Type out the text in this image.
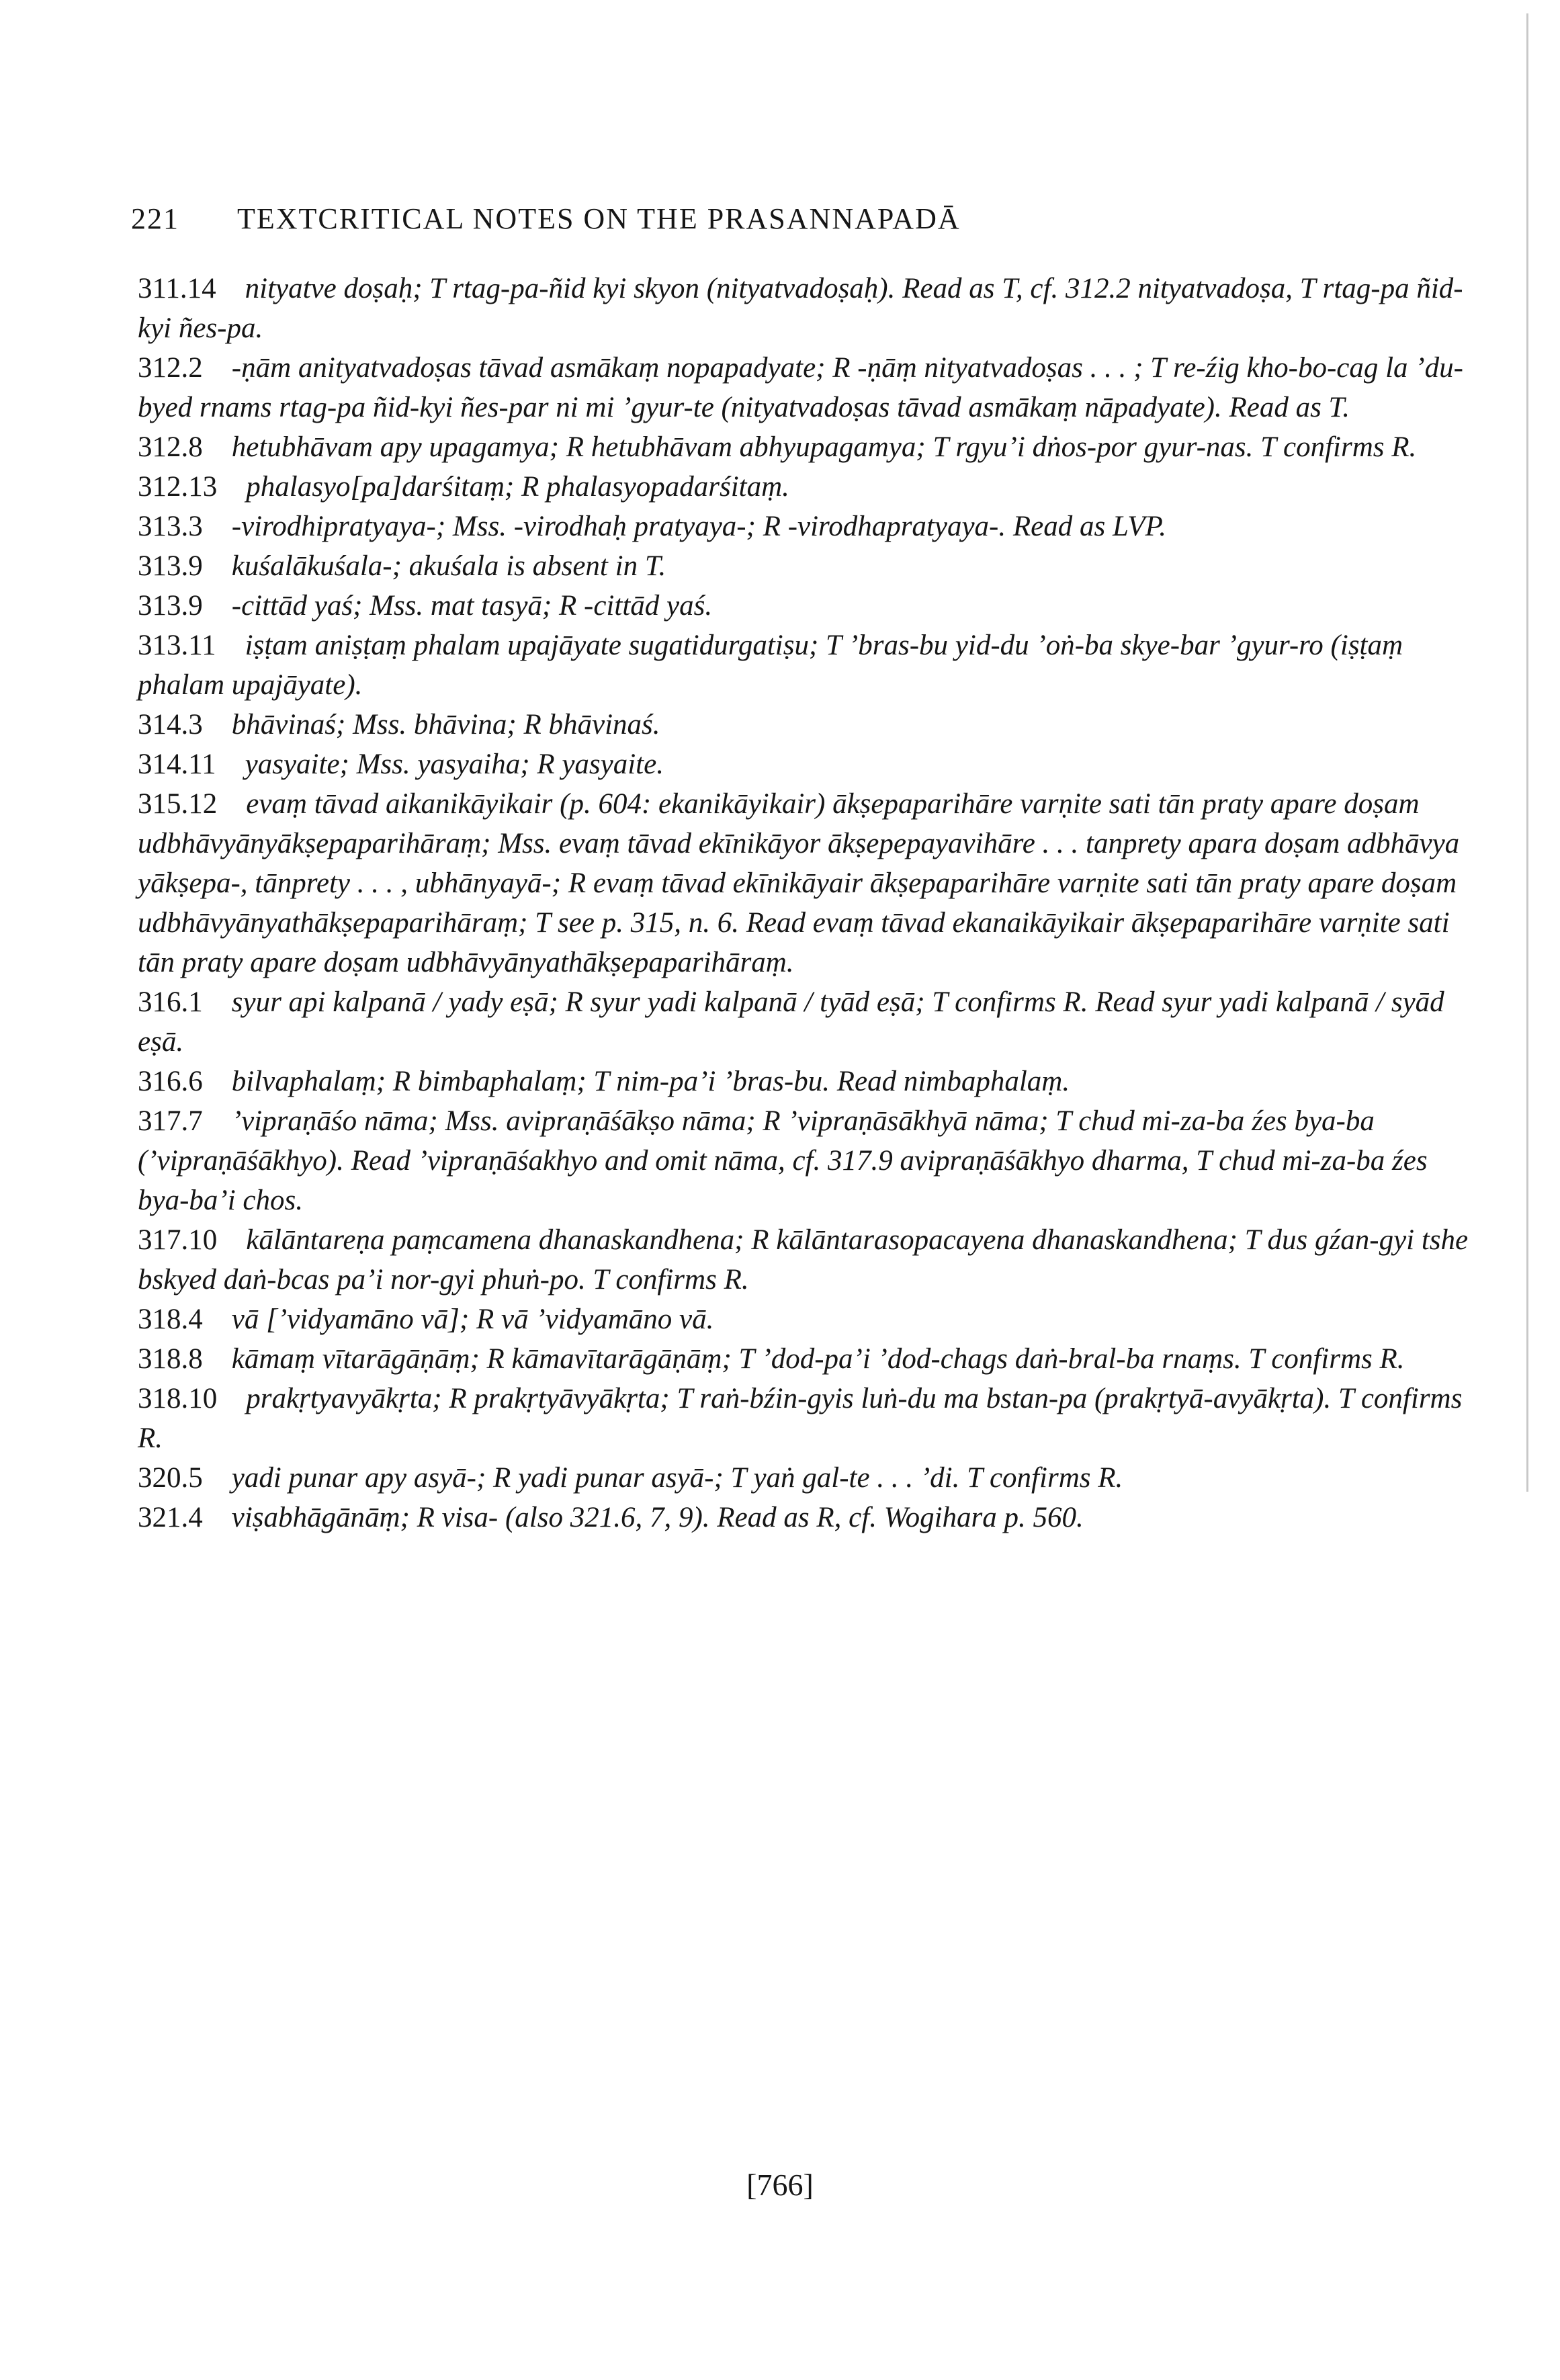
221 TEXTCRITICAL NOTES ON THE PRASANNAPADĀ

311.14  nityatve doṣaḥ; T rtag-pa-ñid kyi skyon (nityatvadoṣaḥ). Read as T, cf. 312.2 nityatvadoṣa, T rtag-pa ñid-kyi ñes-pa.

312.2  -ṇām anityatvadoṣas tāvad asmākaṃ nopapadyate; R -ṇāṃ nityatvadoṣas . . . ; T re-źig kho-bo-cag la ’du-byed rnams rtag-pa ñid-kyi ñes-par ni mi ’gyur-te (nityatvadoṣas tāvad asmākaṃ nāpadyate). Read as T.

312.8  hetubhāvam apy upagamya; R hetubhāvam abhyupagamya; T rgyu’i dṅos-por gyur-nas. T confirms R.

312.13  phalasyo[pa]darśitaṃ; R phalasyopadarśitaṃ.

313.3  -virodhipratyaya-; Mss. -virodhaḥ pratyaya-; R -virodhapratyaya-. Read as LVP.

313.9  kuśalākuśala-; akuśala is absent in T.

313.9  -cittād yaś; Mss. mat tasyā; R -cittād yaś.

313.11  iṣṭam aniṣṭaṃ phalam upajāyate sugatidurgatiṣu; T ’bras-bu yid-du ’oṅ-ba skye-bar ’gyur-ro (iṣṭaṃ phalam upajāyate).

314.3  bhāvinaś; Mss. bhāvina; R bhāvinaś.

314.11  yasyaite; Mss. yasyaiha; R yasyaite.

315.12  evaṃ tāvad aikanikāyikair (p. 604: ekanikāyikair) ākṣepaparihāre varṇite sati tān praty apare doṣam udbhāvyānyākṣepaparihāraṃ; Mss. evaṃ tāvad ekīnikāyor ākṣepepayavihāre . . . tanprety apara doṣam adbhāvya yākṣepa-, tānprety . . . , ubhānyayā-; R evaṃ tāvad ekīnikāyair ākṣepaparihāre varṇite sati tān praty apare doṣam udbhāvyānyathākṣepaparihāraṃ; T see p. 315, n. 6. Read evaṃ tāvad ekanaikāyikair ākṣepaparihāre varṇite sati tān praty apare doṣam udbhāvyānyathākṣepaparihāraṃ.

316.1  syur api kalpanā / yady eṣā; R syur yadi kalpanā / tyād eṣā; T confirms R. Read syur yadi kalpanā / syād eṣā.

316.6  bilvaphalaṃ; R bimbaphalaṃ; T nim-pa’i ’bras-bu. Read nimbaphalaṃ.

317.7  ’vipraṇāśo nāma; Mss. avipraṇāśākṣo nāma; R ’vipraṇāsākhyā nāma; T chud mi-za-ba źes bya-ba (’vipraṇāśākhyo). Read ’vipraṇāśakhyo and omit nāma, cf. 317.9 avipraṇāśākhyo dharma, T chud mi-za-ba źes bya-ba’i chos.

317.10  kālāntareṇa paṃcamena dhanaskandhena; R kālāntarasopacayena dhanaskandhena; T dus gźan-gyi tshe bskyed daṅ-bcas pa’i nor-gyi phuṅ-po. T confirms R.

318.4  vā [’vidyamāno vā]; R vā ’vidyamāno vā.

318.8  kāmaṃ vītarāgāṇāṃ; R kāmavītarāgāṇāṃ; T ’dod-pa’i ’dod-chags daṅ-bral-ba rnaṃs. T confirms R.

318.10  prakṛtyavyākṛta; R prakṛtyāvyākṛta; T raṅ-bźin-gyis luṅ-du ma bstan-pa (prakṛtyā-avyākṛta). T confirms R.

320.5  yadi punar apy asyā-; R yadi punar asyā-; T yaṅ gal-te . . . ’di. T confirms R.

321.4  viṣabhāgānāṃ; R visa- (also 321.6, 7, 9). Read as R, cf. Wogihara p. 560.

[766]
